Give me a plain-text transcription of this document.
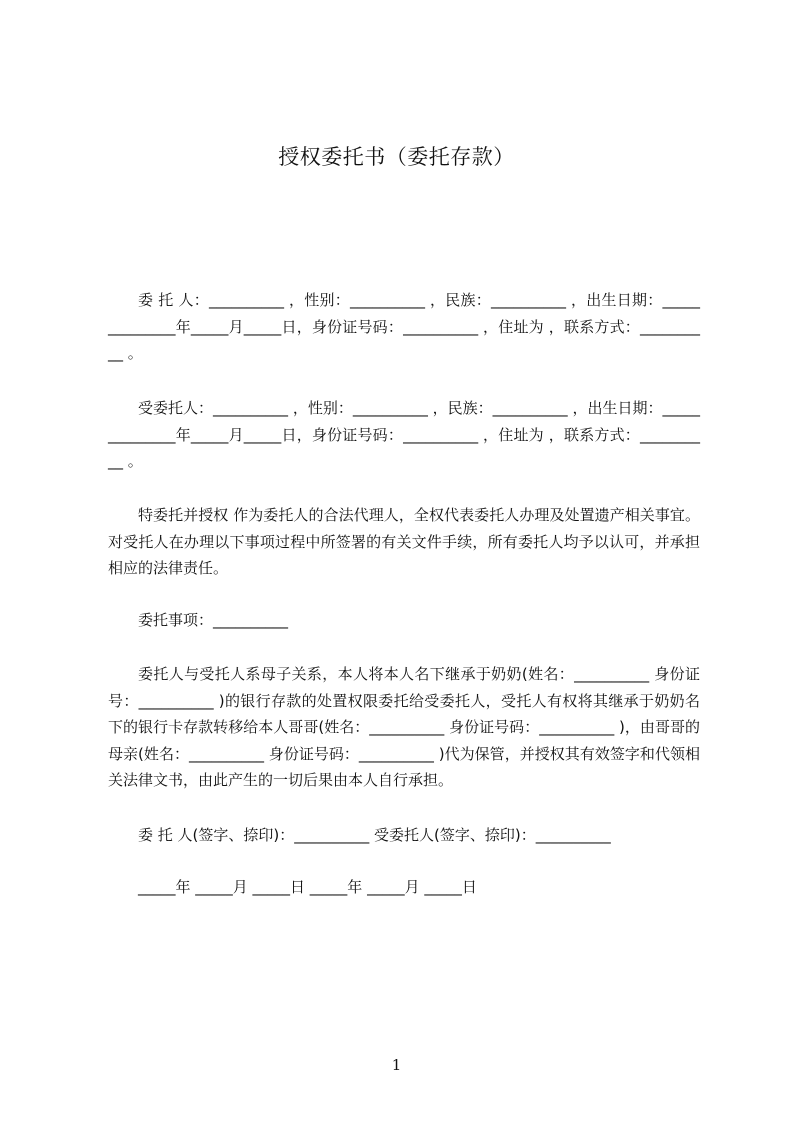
授权委托书（委托存款）

委 托 人：__________ ，性别：__________ ，民族：__________ ，出生日期：______________年_____月_____日，身份证号码：__________ ，住址为 ，联系方式：__________ 。

受委托人：__________ ，性别：__________ ，民族：__________ ，出生日期：______________年_____月_____日，身份证号码：__________ ，住址为 ，联系方式：__________ 。

特委托并授权 作为委托人的合法代理人，全权代表委托人办理及处置遗产相关事宜。对受托人在办理以下事项过程中所签署的有关文件手续，所有委托人均予以认可，并承担相应的法律责任。

委托事项：__________

委托人与受托人系母子关系，本人将本人名下继承于奶奶(姓名：__________ 身份证号：__________ )的银行存款的处置权限委托给受委托人，受托人有权将其继承于奶奶名下的银行卡存款转移给本人哥哥(姓名：__________ 身份证号码：__________ )，由哥哥的母亲(姓名：__________ 身份证号码：__________ )代为保管，并授权其有效签字和代领相关法律文书，由此产生的一切后果由本人自行承担。

委 托 人(签字、捺印)：__________ 受委托人(签字、捺印)：__________

_____年 _____月 _____日 _____年 _____月 _____日

1
